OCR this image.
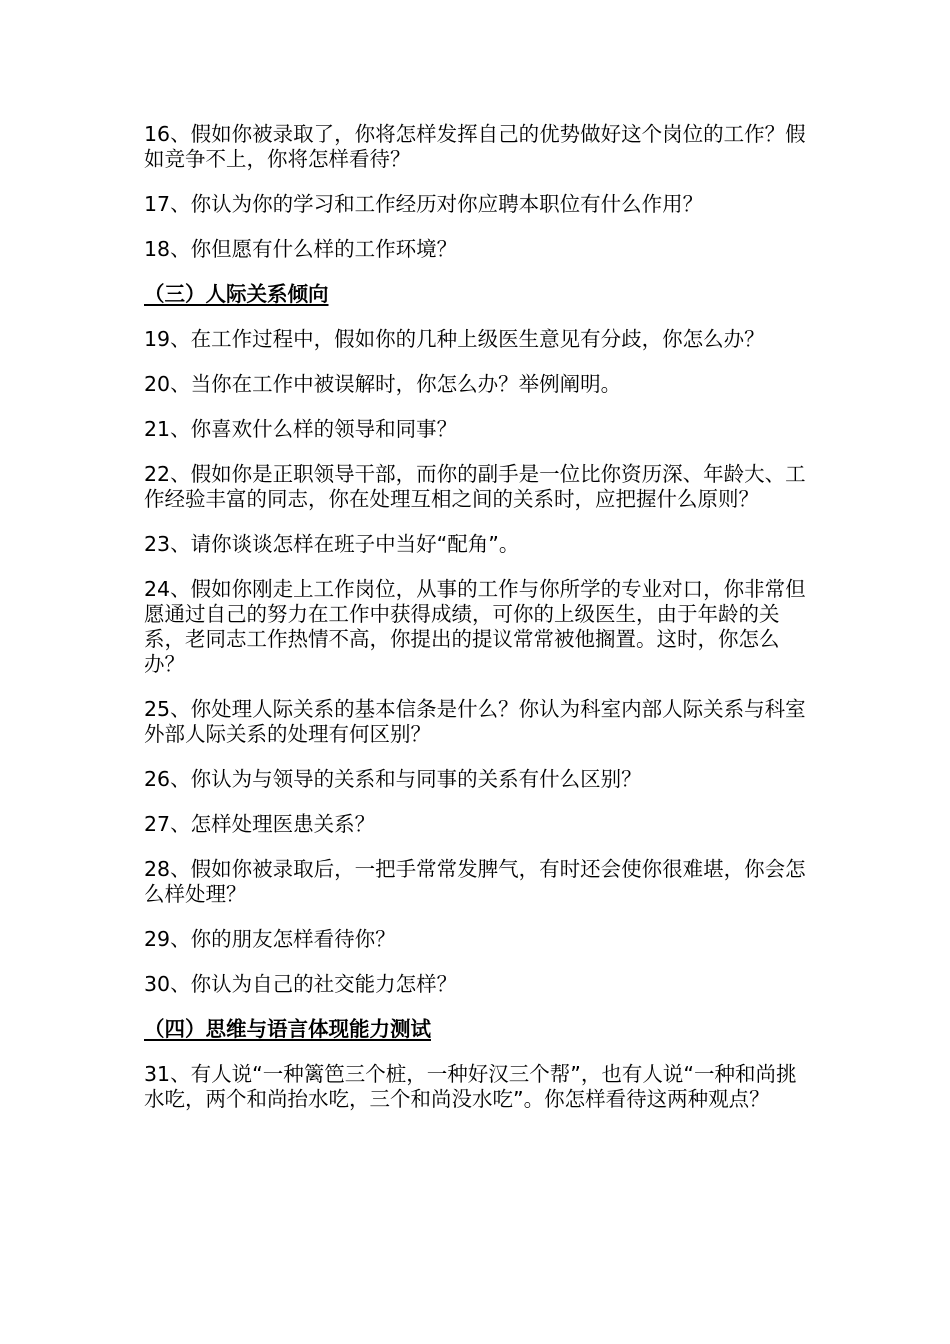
16、假如你被录取了，你将怎样发挥自己的优势做好这个岗位的工作？假如竞争不上，你将怎样看待？

17、你认为你的学习和工作经历对你应聘本职位有什么作用？

18、你但愿有什么样的工作环境？

（三）人际关系倾向

19、在工作过程中，假如你的几种上级医生意见有分歧，你怎么办？

20、当你在工作中被误解时，你怎么办？举例阐明。

21、你喜欢什么样的领导和同事？

22、假如你是正职领导干部，而你的副手是一位比你资历深、年龄大、工作经验丰富的同志，你在处理互相之间的关系时，应把握什么原则？

23、请你谈谈怎样在班子中当好“配角”。

24、假如你刚走上工作岗位，从事的工作与你所学的专业对口，你非常但愿通过自己的努力在工作中获得成绩，可你的上级医生，由于年龄的关系，老同志工作热情不高，你提出的提议常常被他搁置。这时，你怎么办？

25、你处理人际关系的基本信条是什么？你认为科室内部人际关系与科室外部人际关系的处理有何区别？

26、你认为与领导的关系和与同事的关系有什么区别？

27、怎样处理医患关系？

28、假如你被录取后，一把手常常发脾气，有时还会使你很难堪，你会怎么样处理？

29、你的朋友怎样看待你？

30、你认为自己的社交能力怎样？

（四）思维与语言体现能力测试

31、有人说“一种篱笆三个桩，一种好汉三个帮”，也有人说“一种和尚挑水吃，两个和尚抬水吃，三个和尚没水吃”。你怎样看待这两种观点？
